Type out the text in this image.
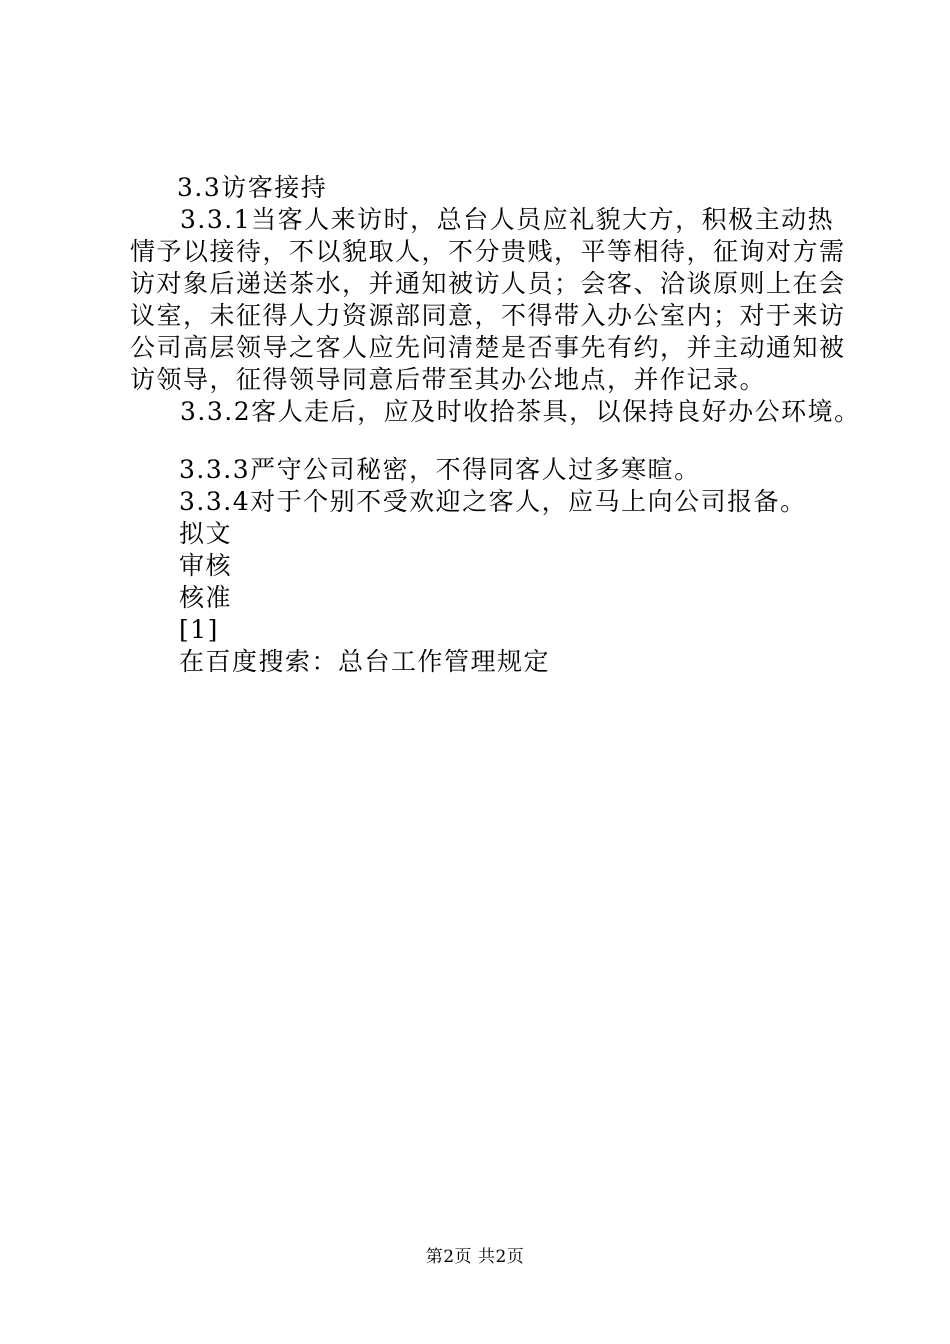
3.3访客接持
3.3.1当客人来访时，总台人员应礼貌大方，积极主动热
情予以接待，不以貌取人，不分贵贱，平等相待，征询对方需
访对象后递送茶水，并通知被访人员；会客、洽谈原则上在会
议室，未征得人力资源部同意，不得带入办公室内；对于来访
公司高层领导之客人应先问清楚是否事先有约，并主动通知被
访领导，征得领导同意后带至其办公地点，并作记录。
3.3.2客人走后，应及时收拾茶具，以保持良好办公环境。
3.3.3严守公司秘密，不得同客人过多寒暄。
3.3.4对于个别不受欢迎之客人，应马上向公司报备。
拟文
审核
核准
[1]
在百度搜索：总台工作管理规定
第2页 共2页
